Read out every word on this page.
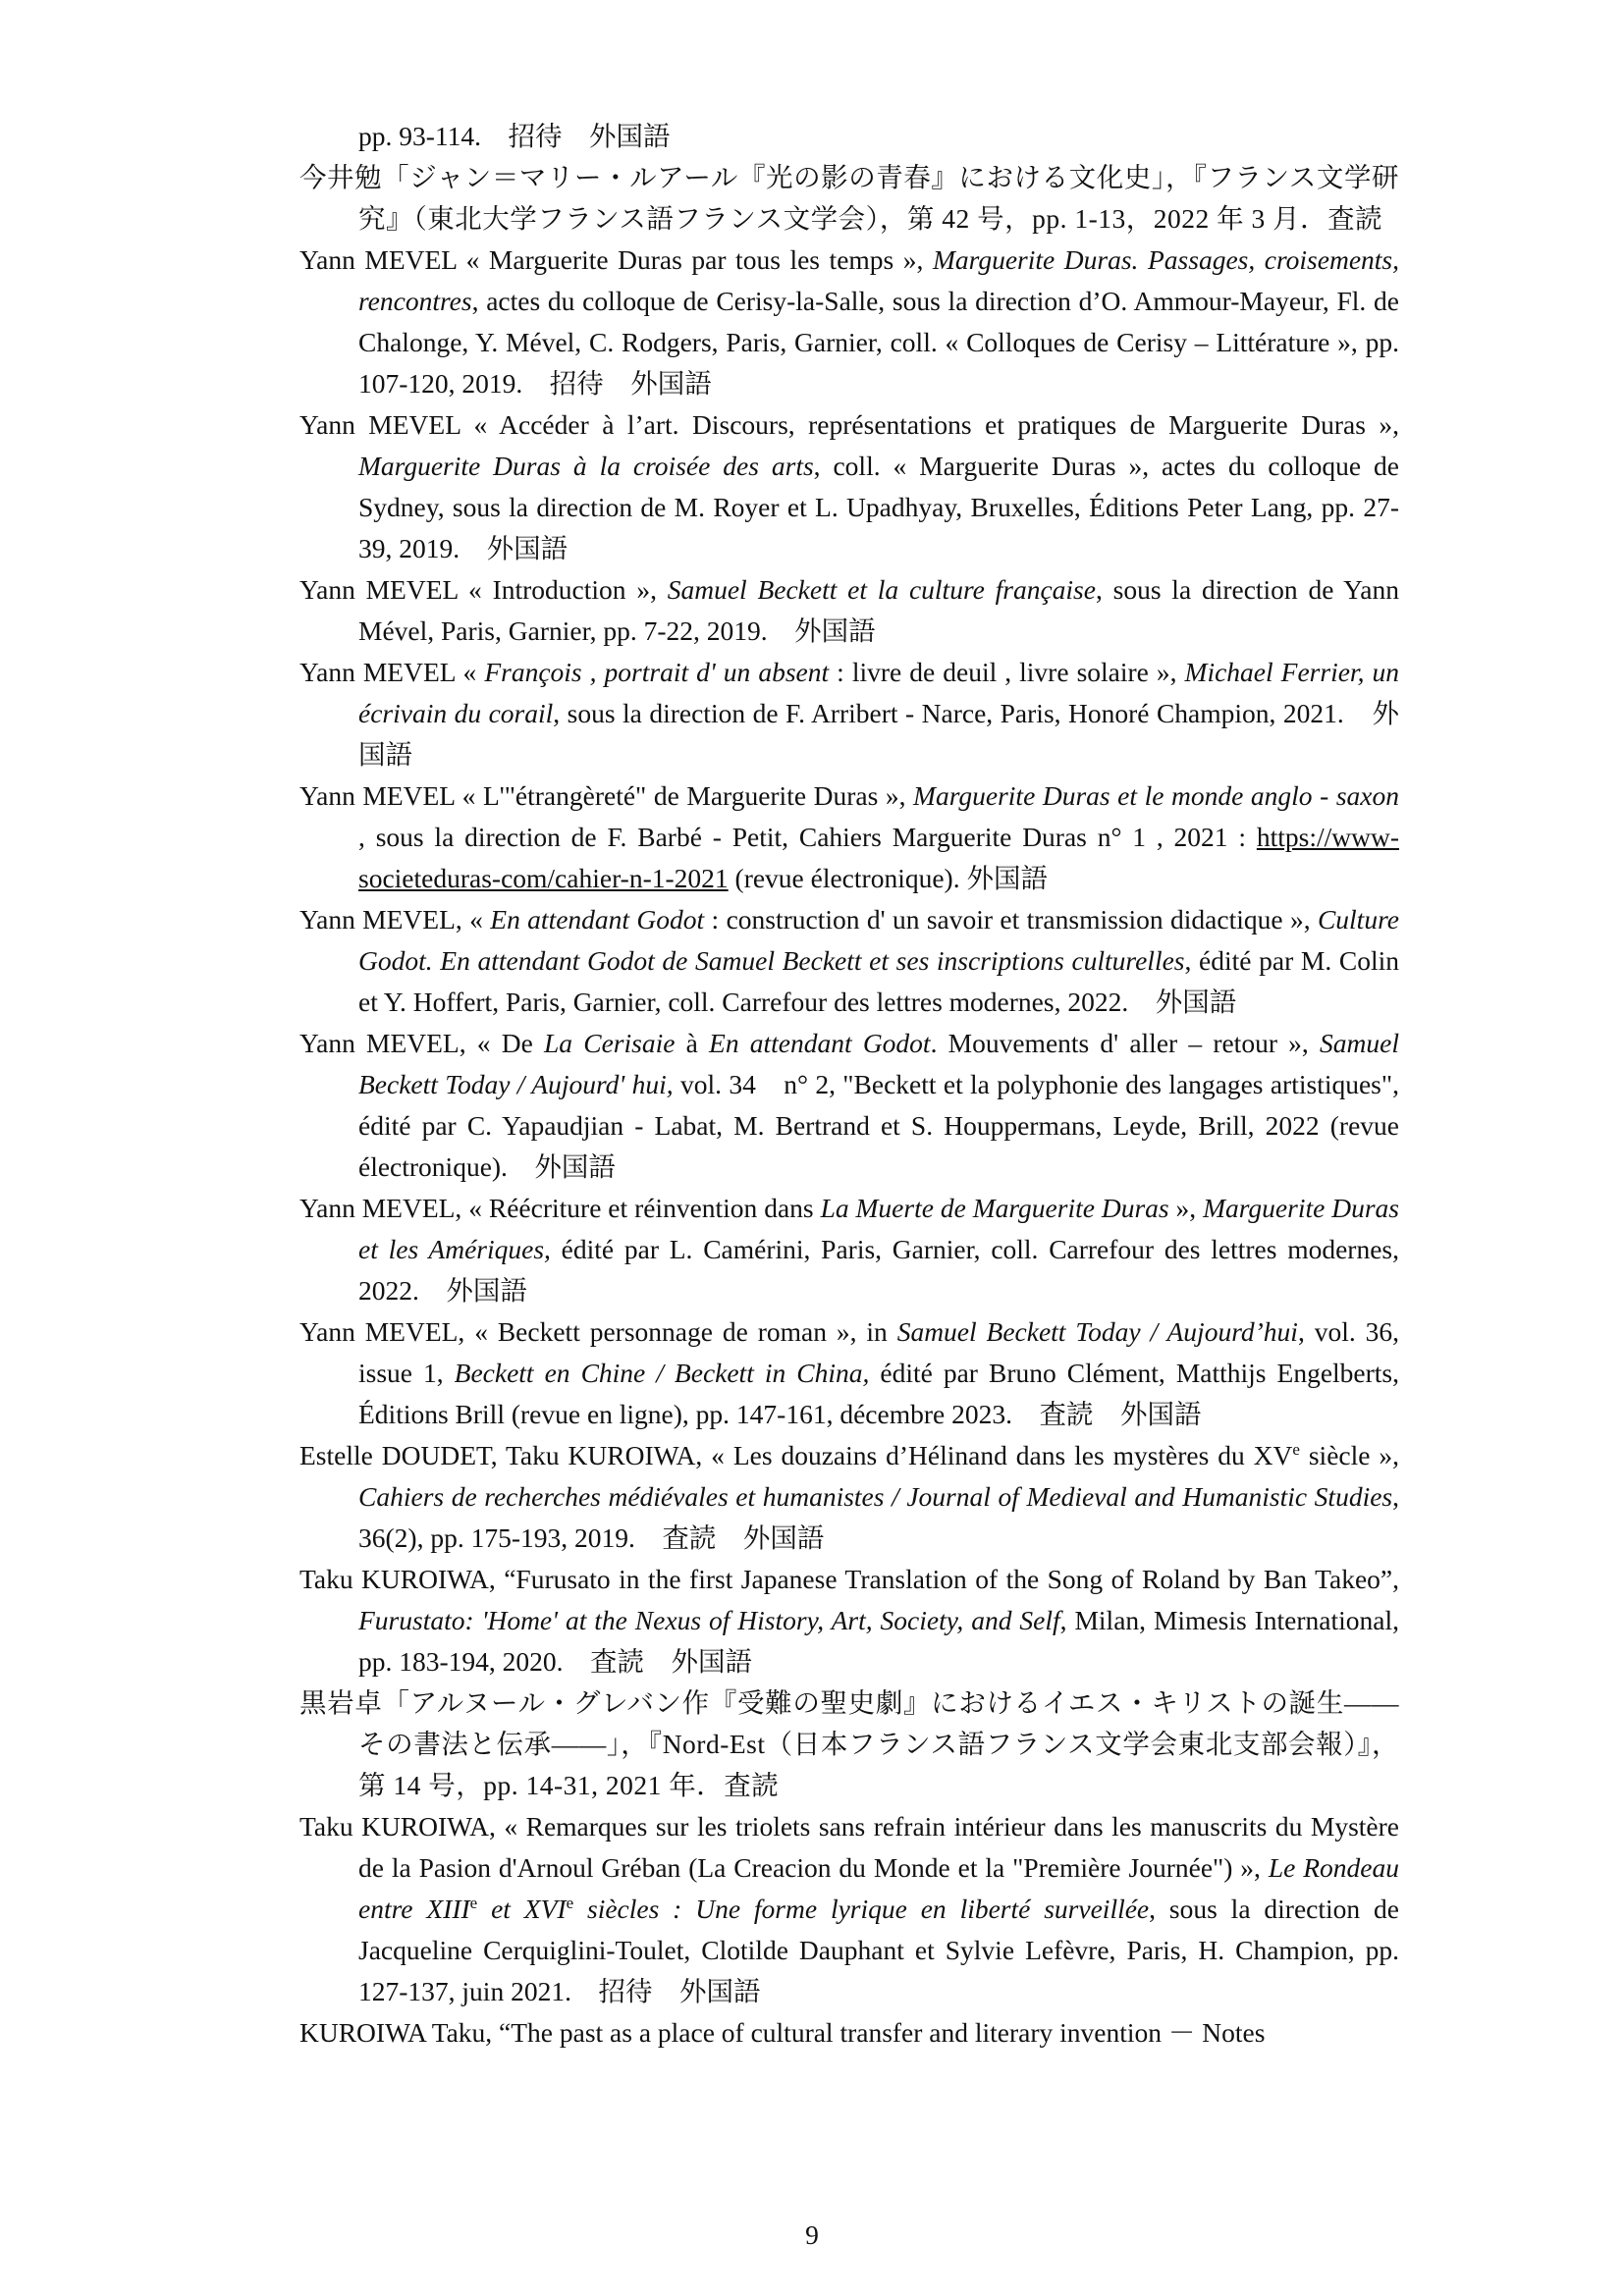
pp. 93-114.　招待　外国語

今井勉「ジャン＝マリー・ルアール『光の影の青春』における文化史」，『フランス文学研究』（東北大学フランス語フランス文学会），第 42 号，pp. 1-13，2022 年 3 月．査読

Yann MEVEL « Marguerite Duras par tous les temps », Marguerite Duras. Passages, croisements, rencontres, actes du colloque de Cerisy-la-Salle, sous la direction d’O. Ammour-Mayeur, Fl. de Chalonge, Y. Mével, C. Rodgers, Paris, Garnier, coll. « Colloques de Cerisy – Littérature », pp. 107-120, 2019.　招待　外国語

Yann MEVEL « Accéder à l’art. Discours, représentations et pratiques de Marguerite Duras », Marguerite Duras à la croisée des arts, coll. « Marguerite Duras », actes du colloque de Sydney, sous la direction de M. Royer et L. Upadhyay, Bruxelles, Éditions Peter Lang, pp. 27-39, 2019.　外国語

Yann MEVEL « Introduction », Samuel Beckett et la culture française, sous la direction de Yann Mével, Paris, Garnier, pp. 7-22, 2019.　外国語

Yann MEVEL « François , portrait d' un absent : livre de deuil , livre solaire », Michael Ferrier, un écrivain du corail, sous la direction de F. Arribert - Narce, Paris, Honoré Champion, 2021.　外国語

Yann MEVEL « L'"étrangèreté" de Marguerite Duras », Marguerite Duras et le monde anglo - saxon , sous la direction de F. Barbé - Petit, Cahiers Marguerite Duras n° 1 , 2021 : https://www-societeduras-com/cahier-n-1-2021 (revue électronique). 外国語

Yann MEVEL, « En attendant Godot : construction d' un savoir et transmission didactique », Culture Godot. En attendant Godot de Samuel Beckett et ses inscriptions culturelles, édité par M. Colin et Y. Hoffert, Paris, Garnier, coll. Carrefour des lettres modernes, 2022.　外国語

Yann MEVEL, « De La Cerisaie à En attendant Godot. Mouvements d' aller – retour », Samuel Beckett Today / Aujourd' hui, vol. 34　n° 2, "Beckett et la polyphonie des langages artistiques", édité par C. Yapaudjian - Labat, M. Bertrand et S. Houppermans, Leyde, Brill, 2022 (revue électronique).　外国語

Yann MEVEL, « Réécriture et réinvention dans La Muerte de Marguerite Duras », Marguerite Duras et les Amériques, édité par L. Camérini, Paris, Garnier, coll. Carrefour des lettres modernes, 2022.　外国語

Yann MEVEL, « Beckett personnage de roman », in Samuel Beckett Today / Aujourd’hui, vol. 36, issue 1, Beckett en Chine / Beckett in China, édité par Bruno Clément, Matthijs Engelberts, Éditions Brill (revue en ligne), pp. 147-161, décembre 2023.　査読　外国語

Estelle DOUDET, Taku KUROIWA, « Les douzains d’Hélinand dans les mystères du XVe siècle », Cahiers de recherches médiévales et humanistes / Journal of Medieval and Humanistic Studies, 36(2), pp. 175-193, 2019.　査読　外国語

Taku KUROIWA, “Furusato in the first Japanese Translation of the Song of Roland by Ban Takeo”, Furustato: 'Home' at the Nexus of History, Art, Society, and Self, Milan, Mimesis International, pp. 183-194, 2020.　査読　外国語

黒岩卓「アルヌール・グレバン作『受難の聖史劇』におけるイエス・キリストの誕生――その書法と伝承――」，『Nord-Est（日本フランス語フランス文学会東北支部会報）』，第 14 号，pp. 14-31, 2021 年．査読

Taku KUROIWA, « Remarques sur les triolets sans refrain intérieur dans les manuscrits du Mystère de la Pasion d'Arnoul Gréban (La Creacion du Monde et la "Première Journée") », Le Rondeau entre XIIIe et XVIe siècles : Une forme lyrique en liberté surveillée, sous la direction de Jacqueline Cerquiglini-Toulet, Clotilde Dauphant et Sylvie Lefèvre, Paris, H. Champion, pp. 127-137, juin 2021.　招待　外国語

KUROIWA Taku, “The past as a place of cultural transfer and literary invention － Notes

9
